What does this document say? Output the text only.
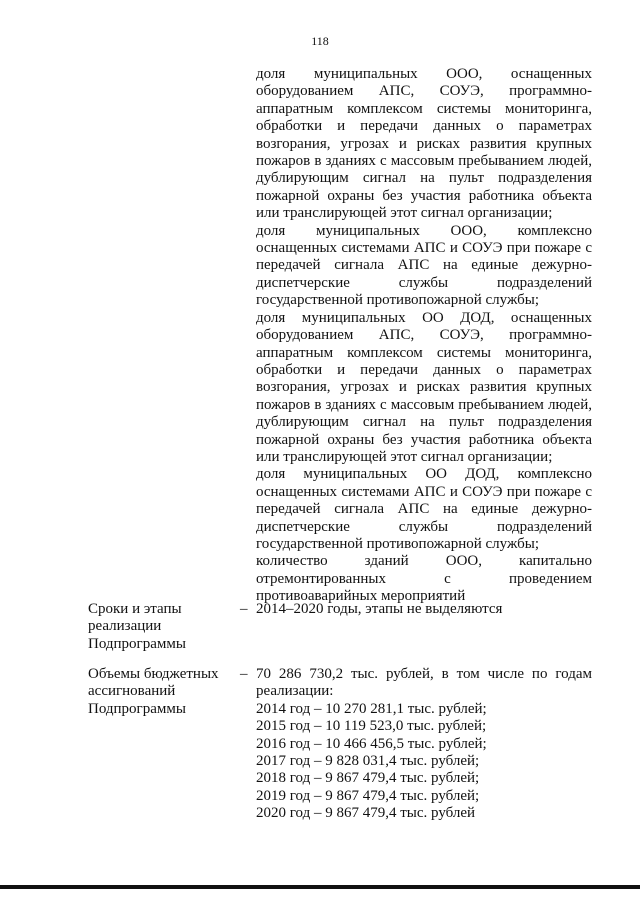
118
доля муниципальных ООО, оснащенных оборудованием АПС, СОУЭ, программно-аппаратным комплексом системы мониторинга, обработки и передачи данных о параметрах возгорания, угрозах и рисках развития крупных пожаров в зданиях с массовым пребыванием людей, дублирующим сигнал на пульт подразделения пожарной охраны без участия работника объекта или транслирующей этот сигнал организации;
доля муниципальных ООО, комплексно оснащенных системами АПС и СОУЭ при пожаре с передачей сигнала АПС на единые дежурно-диспетчерские службы подразделений государственной противопожарной службы;
доля муниципальных ОО ДОД, оснащенных оборудованием АПС, СОУЭ, программно-аппаратным комплексом системы мониторинга, обработки и передачи данных о параметрах возгорания, угрозах и рисках развития крупных пожаров в зданиях с массовым пребыванием людей, дублирующим сигнал на пульт подразделения пожарной охраны без участия работника объекта или транслирующей этот сигнал организации;
доля муниципальных ОО ДОД, комплексно оснащенных системами АПС и СОУЭ при пожаре с передачей сигнала АПС на единые дежурно-диспетчерские службы подразделений государственной противопожарной службы;
количество зданий ООО, капитально отремонтированных с проведением противоаварийных мероприятий
Сроки и этапы реализации Подпрограммы
– 2014–2020 годы, этапы не выделяются
Объемы бюджетных ассигнований Подпрограммы
– 70 286 730,2 тыс. рублей, в том числе по годам реализации:
2014 год – 10 270 281,1 тыс. рублей;
2015 год – 10 119 523,0 тыс. рублей;
2016 год – 10 466 456,5 тыс. рублей;
2017 год – 9 828 031,4 тыс. рублей;
2018 год – 9 867 479,4 тыс. рублей;
2019 год – 9 867 479,4 тыс. рублей;
2020 год – 9 867 479,4 тыс. рублей
